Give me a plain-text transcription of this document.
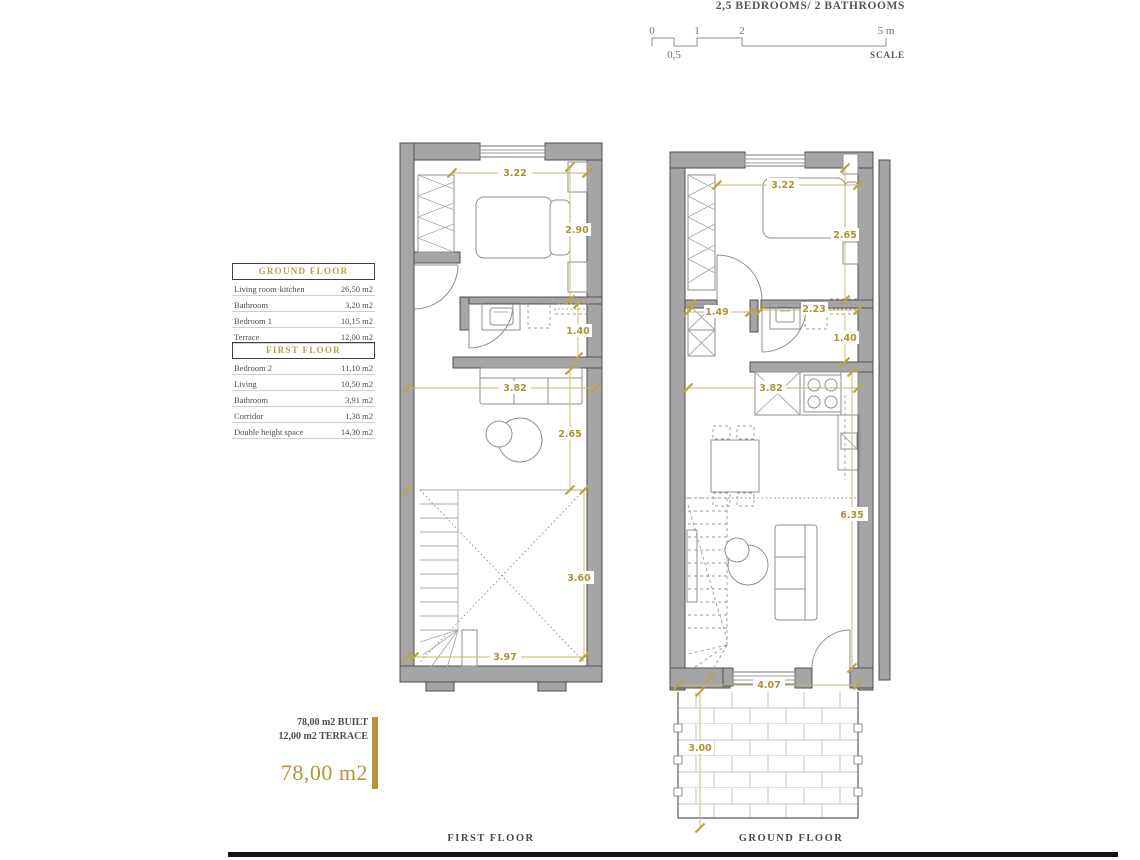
2,5 BEDROOMS/ 2 BATHROOMS
0	1	2	5 m
0,5	SCALE
GROUND FLOOR
Living room·kitchen	26,50 m2
Bathroom	3,20 m2
Bedroom 1	10,15 m2
Terrace	12,00 m2
FIRST FLOOR
Bedroom 2	11,10 m2
Living	10,50 m2
Bathroom	3,91 m2
Corridor	1,38 m2
Double height space	14,30 m2
3.22
2.90
1.40
3.82
2.65
3.60
3.97
3.22
2.65
1.49	2.23
1.40
3.82
6.35
4.07
3.00
78,00 m2 BUILT
12,00 m2 TERRACE
78,00 m2
FIRST FLOOR	GROUND FLOOR
